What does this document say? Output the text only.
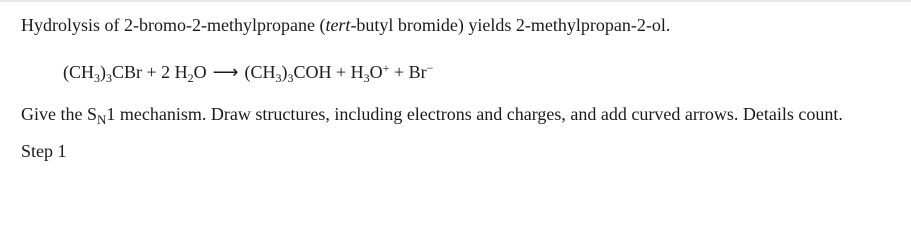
Hydrolysis of 2-bromo-2-methylpropane (tert-butyl bromide) yields 2-methylpropan-2-ol.
$(CH_3)_3CBr + 2$ $H_2O$ ⟶ $(CH_3)_3COH + H_3O^+ + Br^-$
Give the $S_N1$ mechanism. Draw structures, including electrons and charges, and add curved arrows. Details count.
Step 1
